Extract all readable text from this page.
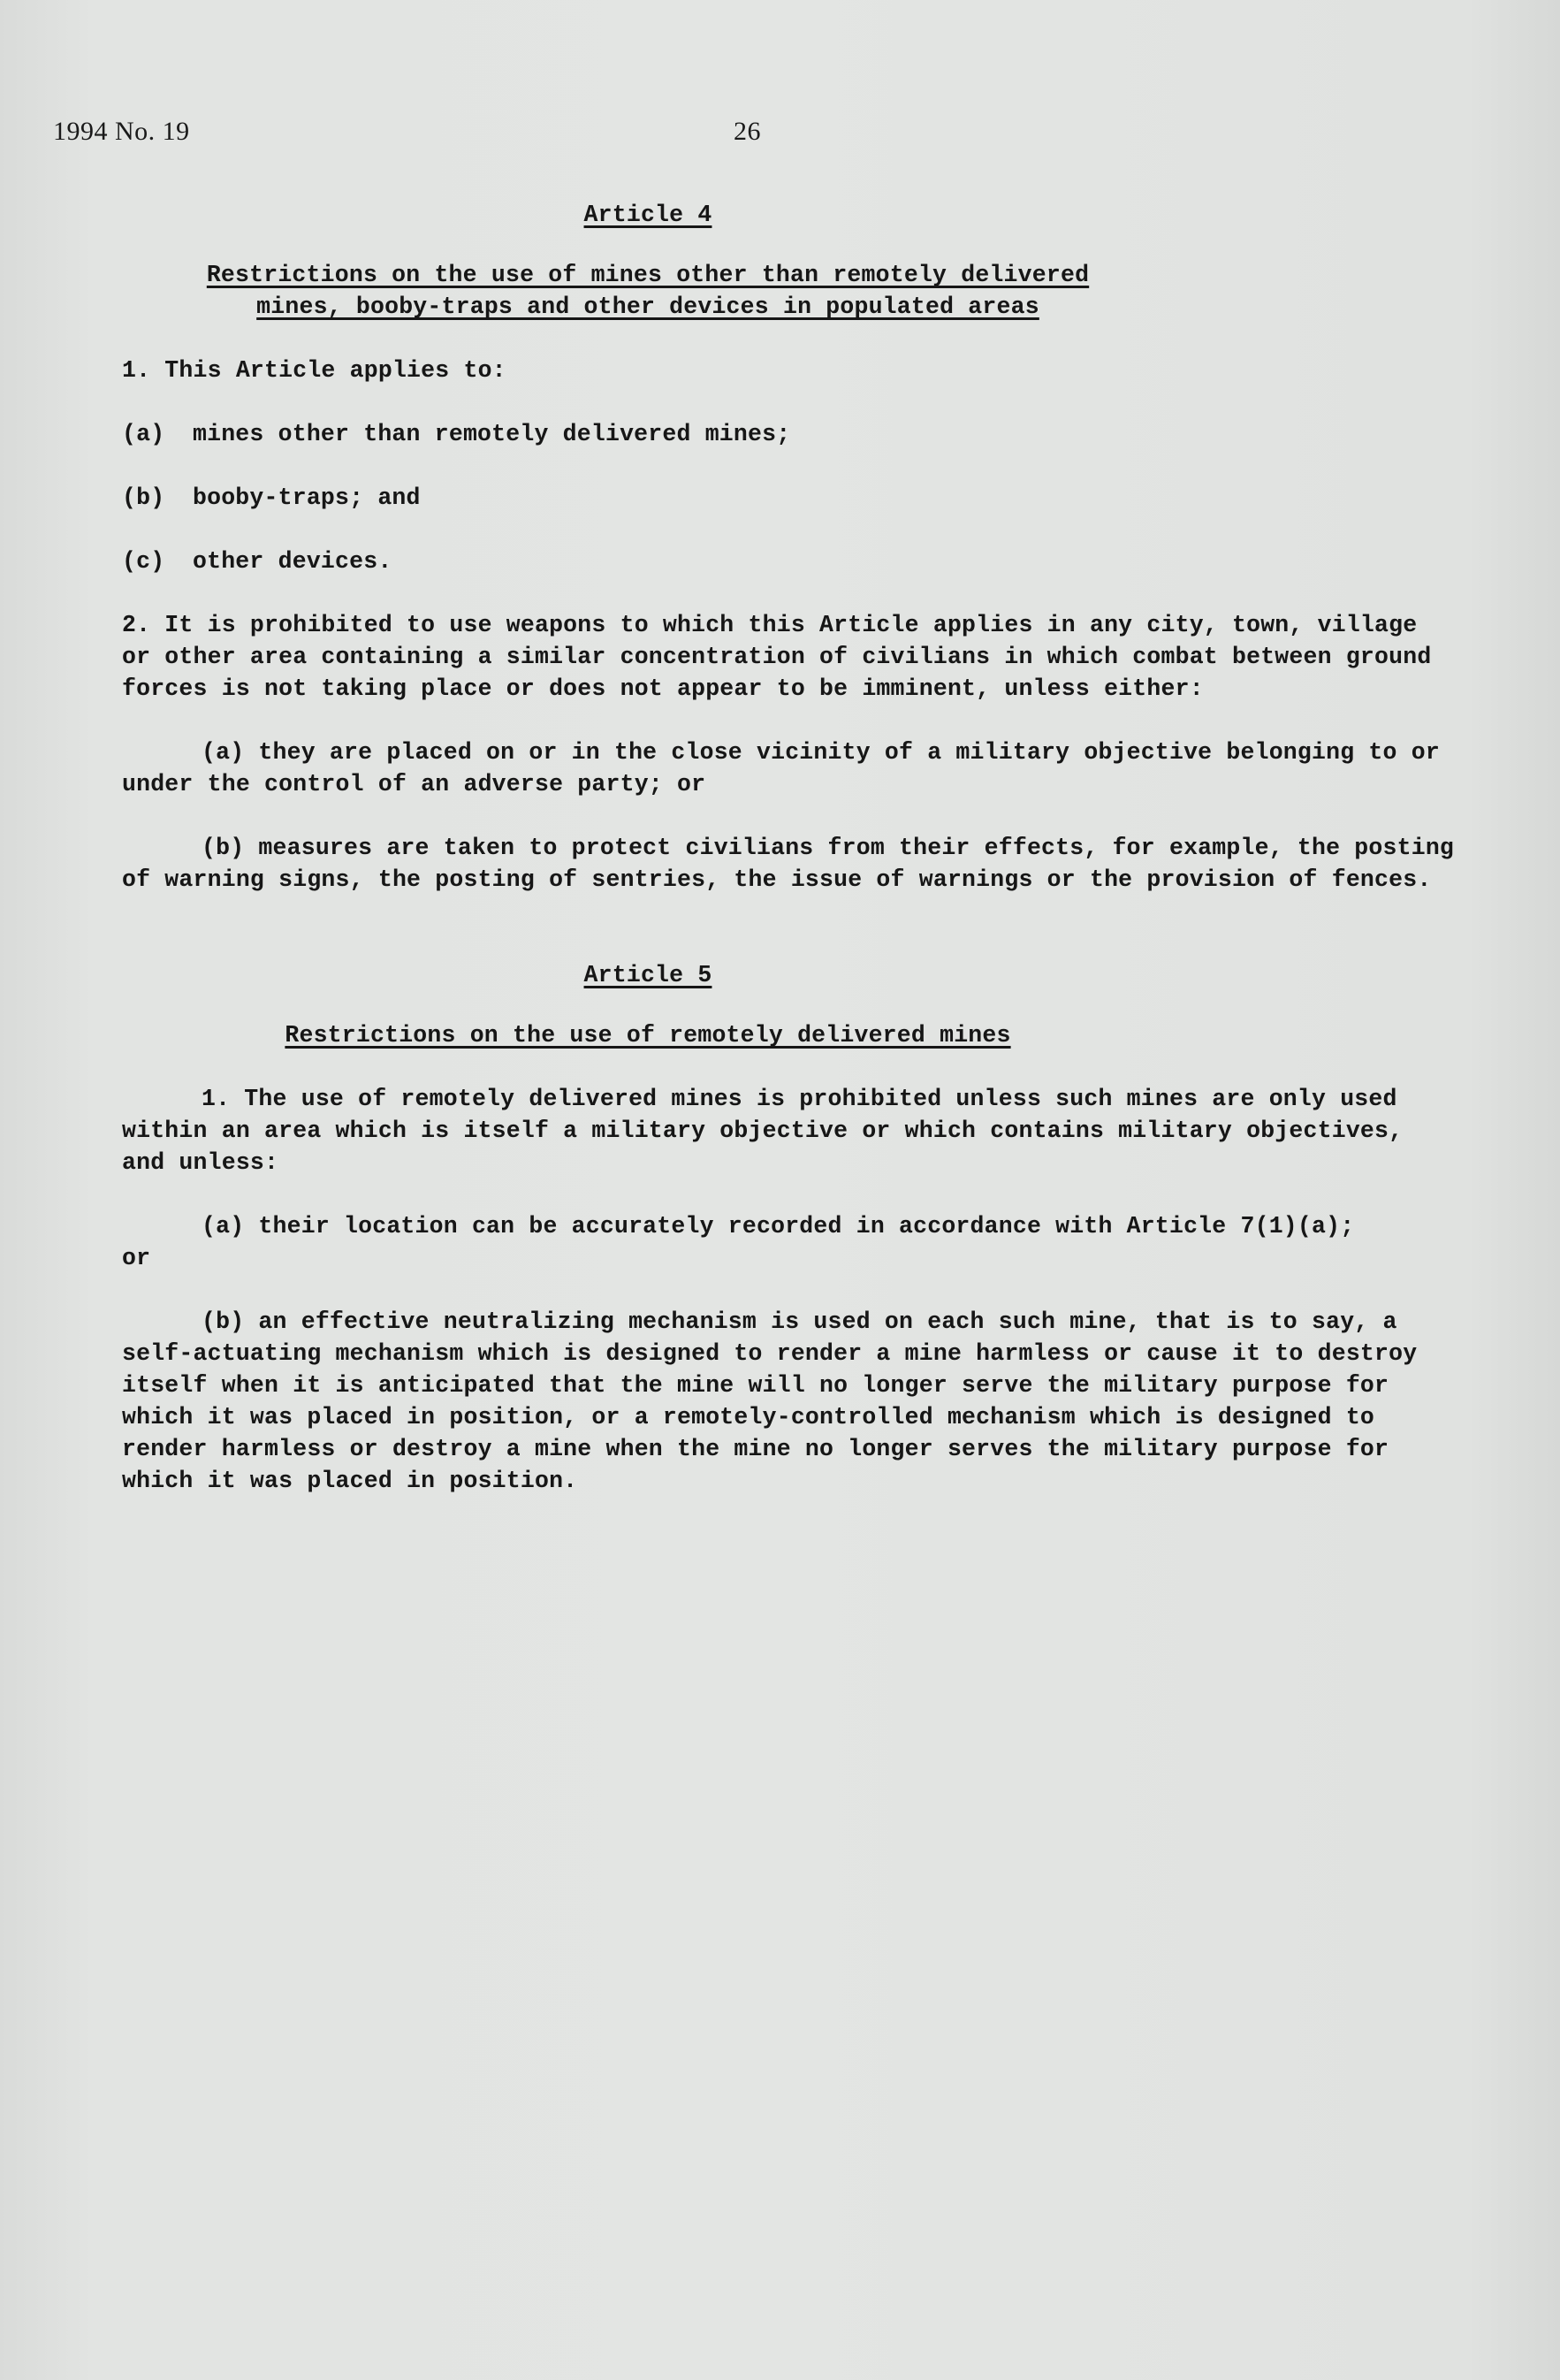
1994 No. 19	26

Article 4

Restrictions on the use of mines other than remotely delivered
mines, booby-traps and other devices in populated areas

1. This Article applies to:

(a) mines other than remotely delivered mines;

(b) booby-traps; and

(c) other devices.

2. It is prohibited to use weapons to which this Article applies in any city, town, village or other area containing a similar concentration of civilians in which combat between ground forces is not taking place or does not appear to be imminent, unless either:

(a) they are placed on or in the close vicinity of a military objective belonging to or under the control of an adverse party; or

(b) measures are taken to protect civilians from their effects, for example, the posting of warning signs, the posting of sentries, the issue of warnings or the provision of fences.

Article 5

Restrictions on the use of remotely delivered mines

1. The use of remotely delivered mines is prohibited unless such mines are only used within an area which is itself a military objective or which contains military objectives, and unless:

(a) their location can be accurately recorded in accordance with Article 7(1)(a);

or

(b) an effective neutralizing mechanism is used on each such mine, that is to say, a self-actuating mechanism which is designed to render a mine harmless or cause it to destroy itself when it is anticipated that the mine will no longer serve the military purpose for which it was placed in position, or a remotely-controlled mechanism which is designed to render harmless or destroy a mine when the mine no longer serves the military purpose for which it was placed in position.
